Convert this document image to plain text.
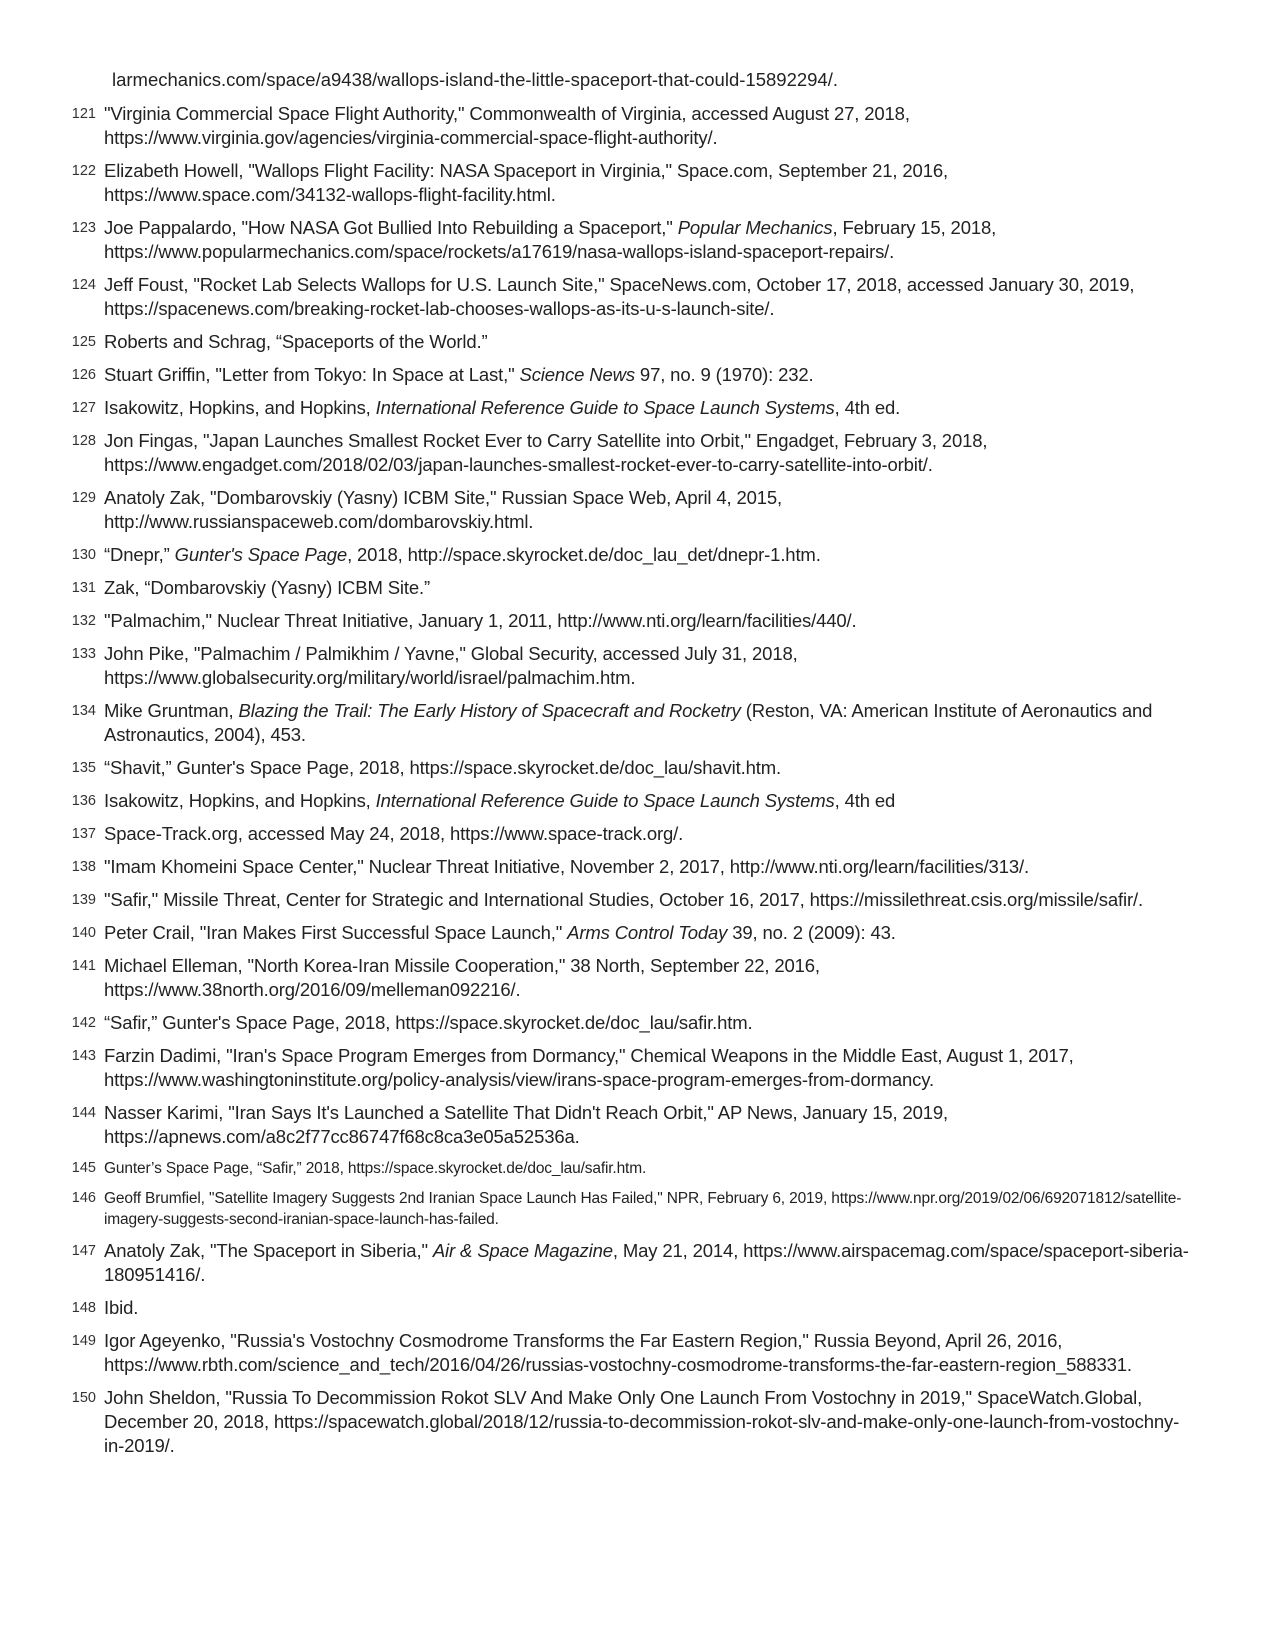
larmechanics.com/space/a9438/wallops-island-the-little-spaceport-that-could-15892294/.

121 "Virginia Commercial Space Flight Authority," Commonwealth of Virginia, accessed August 27, 2018, https://www.virginia.gov/agencies/virginia-commercial-space-flight-authority/.
122 Elizabeth Howell, "Wallops Flight Facility: NASA Spaceport in Virginia," Space.com, September 21, 2016, https://www.space.com/34132-wallops-flight-facility.html.
123 Joe Pappalardo, "How NASA Got Bullied Into Rebuilding a Spaceport," Popular Mechanics, February 15, 2018, https://www.popularmechanics.com/space/rockets/a17619/nasa-wallops-island-spaceport-repairs/.
124 Jeff Foust, "Rocket Lab Selects Wallops for U.S. Launch Site," SpaceNews.com, October 17, 2018, accessed January 30, 2019, https://spacenews.com/breaking-rocket-lab-chooses-wallops-as-its-u-s-launch-site/.
125 Roberts and Schrag, “Spaceports of the World.”
126 Stuart Griffin, "Letter from Tokyo: In Space at Last," Science News 97, no. 9 (1970): 232.
127 Isakowitz, Hopkins, and Hopkins, International Reference Guide to Space Launch Systems, 4th ed.
128 Jon Fingas, "Japan Launches Smallest Rocket Ever to Carry Satellite into Orbit," Engadget, February 3, 2018, https://www.engadget.com/2018/02/03/japan-launches-smallest-rocket-ever-to-carry-satellite-into-orbit/.
129 Anatoly Zak, "Dombarovskiy (Yasny) ICBM Site," Russian Space Web, April 4, 2015, http://www.russianspaceweb.com/dombarovskiy.html.
130 “Dnepr,” Gunter's Space Page, 2018, http://space.skyrocket.de/doc_lau_det/dnepr-1.htm.
131 Zak, “Dombarovskiy (Yasny) ICBM Site.”
132 "Palmachim," Nuclear Threat Initiative, January 1, 2011, http://www.nti.org/learn/facilities/440/.
133 John Pike, "Palmachim / Palmikhim / Yavne," Global Security, accessed July 31, 2018, https://www.globalsecurity.org/military/world/israel/palmachim.htm.
134 Mike Gruntman, Blazing the Trail: The Early History of Spacecraft and Rocketry (Reston, VA: American Institute of Aeronautics and Astronautics, 2004), 453.
135 “Shavit,” Gunter's Space Page, 2018, https://space.skyrocket.de/doc_lau/shavit.htm.
136 Isakowitz, Hopkins, and Hopkins, International Reference Guide to Space Launch Systems, 4th ed
137 Space-Track.org, accessed May 24, 2018, https://www.space-track.org/.
138 "Imam Khomeini Space Center," Nuclear Threat Initiative, November 2, 2017, http://www.nti.org/learn/facilities/313/.
139 "Safir," Missile Threat, Center for Strategic and International Studies, October 16, 2017, https://missilethreat.csis.org/missile/safir/.
140 Peter Crail, "Iran Makes First Successful Space Launch," Arms Control Today 39, no. 2 (2009): 43.
141 Michael Elleman, "North Korea-Iran Missile Cooperation," 38 North, September 22, 2016, https://www.38north.org/2016/09/melleman092216/.
142 “Safir,” Gunter's Space Page, 2018, https://space.skyrocket.de/doc_lau/safir.htm.
143 Farzin Dadimi, "Iran's Space Program Emerges from Dormancy," Chemical Weapons in the Middle East, August 1, 2017, https://www.washingtoninstitute.org/policy-analysis/view/irans-space-program-emerges-from-dormancy.
144 Nasser Karimi, "Iran Says It's Launched a Satellite That Didn't Reach Orbit," AP News, January 15, 2019, https://apnews.com/a8c2f77cc86747f68c8ca3e05a52536a.
145 Gunter’s Space Page, “Safir,” 2018, https://space.skyrocket.de/doc_lau/safir.htm.
146 Geoff Brumfiel, "Satellite Imagery Suggests 2nd Iranian Space Launch Has Failed," NPR, February 6, 2019, https://www.npr.org/2019/02/06/692071812/satellite-imagery-suggests-second-iranian-space-launch-has-failed.
147 Anatoly Zak, "The Spaceport in Siberia," Air & Space Magazine, May 21, 2014, https://www.airspacemag.com/space/spaceport-siberia-180951416/.
148 Ibid.
149 Igor Ageyenko, "Russia's Vostochny Cosmodrome Transforms the Far Eastern Region," Russia Beyond, April 26, 2016, https://www.rbth.com/science_and_tech/2016/04/26/russias-vostochny-cosmodrome-transforms-the-far-eastern-region_588331.
150 John Sheldon, "Russia To Decommission Rokot SLV And Make Only One Launch From Vostochny in 2019," SpaceWatch.Global, December 20, 2018, https://spacewatch.global/2018/12/russia-to-decommission-rokot-slv-and-make-only-one-launch-from-vostochny-in-2019/.
